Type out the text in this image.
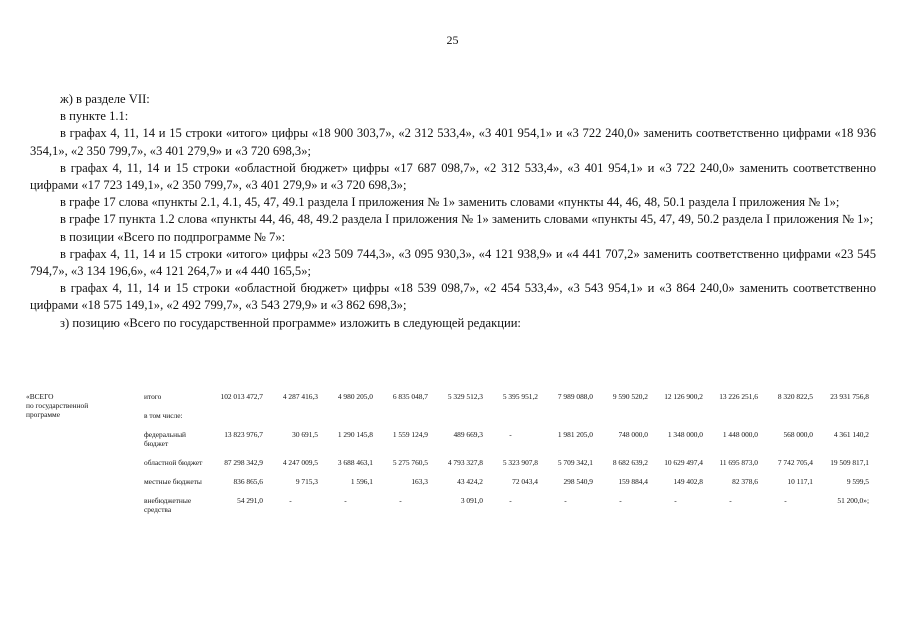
25

ж) в разделе VII:

в пункте 1.1:

в графах 4, 11, 14 и 15 строки «итого» цифры «18 900 303,7», «2 312 533,4», «3 401 954,1» и «3 722 240,0» заменить соответственно цифрами «18 936 354,1», «2 350 799,7», «3 401 279,9» и «3 720 698,3»;

в графах 4, 11, 14 и 15 строки «областной бюджет» цифры «17 687 098,7», «2 312 533,4», «3 401 954,1» и «3 722 240,0» заменить соответственно цифрами «17 723 149,1», «2 350 799,7», «3 401 279,9» и «3 720 698,3»;

в графе 17 слова «пункты 2.1, 4.1, 45, 47, 49.1 раздела I приложения № 1» заменить словами «пункты 44, 46, 48, 50.1 раздела I приложения № 1»;

в графе 17 пункта 1.2 слова «пункты 44, 46, 48, 49.2 раздела I приложения № 1» заменить словами «пункты 45, 47, 49, 50.2 раздела I приложения № 1»;

в позиции «Всего по подпрограмме № 7»:

в графах 4, 11, 14 и 15 строки «итого» цифры «23 509 744,3», «3 095 930,3», «4 121 938,9» и «4 441 707,2» заменить соответственно цифрами «23 545 794,7», «3 134 196,6», «4 121 264,7» и «4 440 165,5»;

в графах 4, 11, 14 и 15 строки «областной бюджет» цифры «18 539 098,7», «2 454 533,4», «3 543 954,1» и «3 864 240,0» заменить соответственно цифрами «18 575 149,1», «2 492 799,7», «3 543 279,9» и «3 862 698,3»;

з) позицию «Всего по государственной программе» изложить в следующей редакции:

«ВСЕГО
по государственной
программе	итого	102 013 472,7	4 287 416,3	4 980 205,0	6 835 048,7	5 329 512,3	5 395 951,2	7 989 088,0	9 590 520,2	12 126 900,2	13 226 251,6	8 320 822,5	23 931 756,8
	в том числе:												
	федеральный бюджет	13 823 976,7	30 691,5	1 290 145,8	1 559 124,9	489 669,3	-	1 981 205,0	748 000,0	1 348 000,0	1 448 000,0	568 000,0	4 361 140,2
	областной бюджет	87 298 342,9	4 247 009,5	3 688 463,1	5 275 760,5	4 793 327,8	5 323 907,8	5 709 342,1	8 682 639,2	10 629 497,4	11 695 873,0	7 742 705,4	19 509 817,1
	местные бюджеты	836 865,6	9 715,3	1 596,1	163,3	43 424,2	72 043,4	298 540,9	159 884,4	149 402,8	82 378,6	10 117,1	9 599,5
	внебюджетные средства	54 291,0	-	-	-	3 091,0	-	-	-	-	-	-	51 200,0»;
